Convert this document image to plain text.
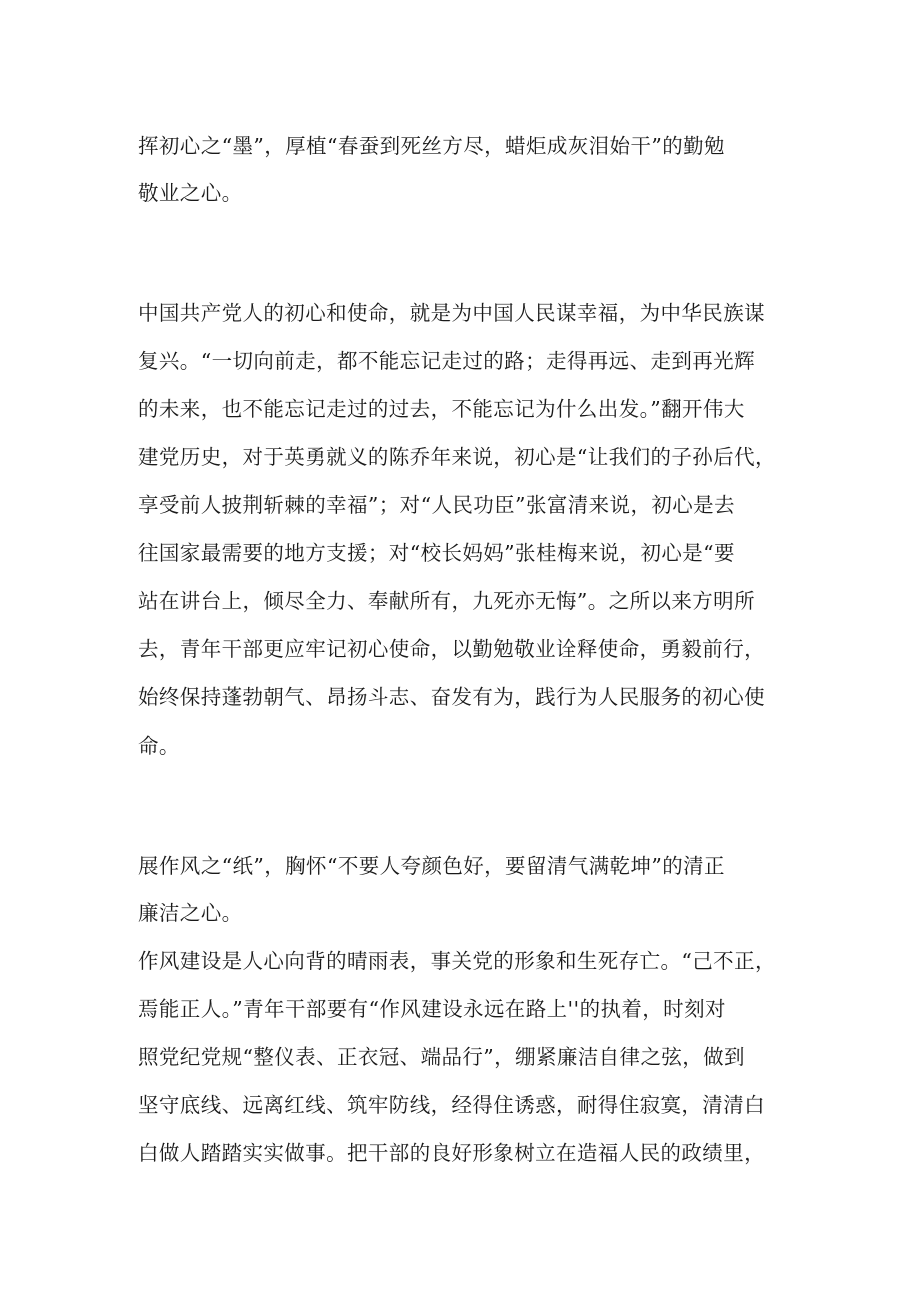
挥初心之“墨”，厚植“春蚕到死丝方尽，蜡炬成灰泪始干”的勤勉

敬业之心。

中国共产党人的初心和使命，就是为中国人民谋幸福，为中华民族谋

复兴。“一切向前走，都不能忘记走过的路；走得再远、走到再光辉

的未来，也不能忘记走过的过去，不能忘记为什么出发。”翻开伟大

建党历史，对于英勇就义的陈乔年来说，初心是“让我们的子孙后代，

享受前人披荆斩棘的幸福”；对“人民功臣”张富清来说，初心是去

往国家最需要的地方支援；对“校长妈妈”张桂梅来说，初心是“要

站在讲台上，倾尽全力、奉献所有，九死亦无悔”。之所以来方明所

去，青年干部更应牢记初心使命，以勤勉敬业诠释使命，勇毅前行，

始终保持蓬勃朝气、昂扬斗志、奋发有为，践行为人民服务的初心使

命。

展作风之“纸”，胸怀“不要人夸颜色好，要留清气满乾坤”的清正

廉洁之心。

作风建设是人心向背的晴雨表，事关党的形象和生死存亡。“己不正，

焉能正人。”青年干部要有“作风建设永远在路上''的执着，时刻对

照党纪党规“整仪表、正衣冠、端品行”，绷紧廉洁自律之弦，做到

坚守底线、远离红线、筑牢防线，经得住诱惑，耐得住寂寞，清清白

白做人踏踏实实做事。把干部的良好形象树立在造福人民的政绩里，
